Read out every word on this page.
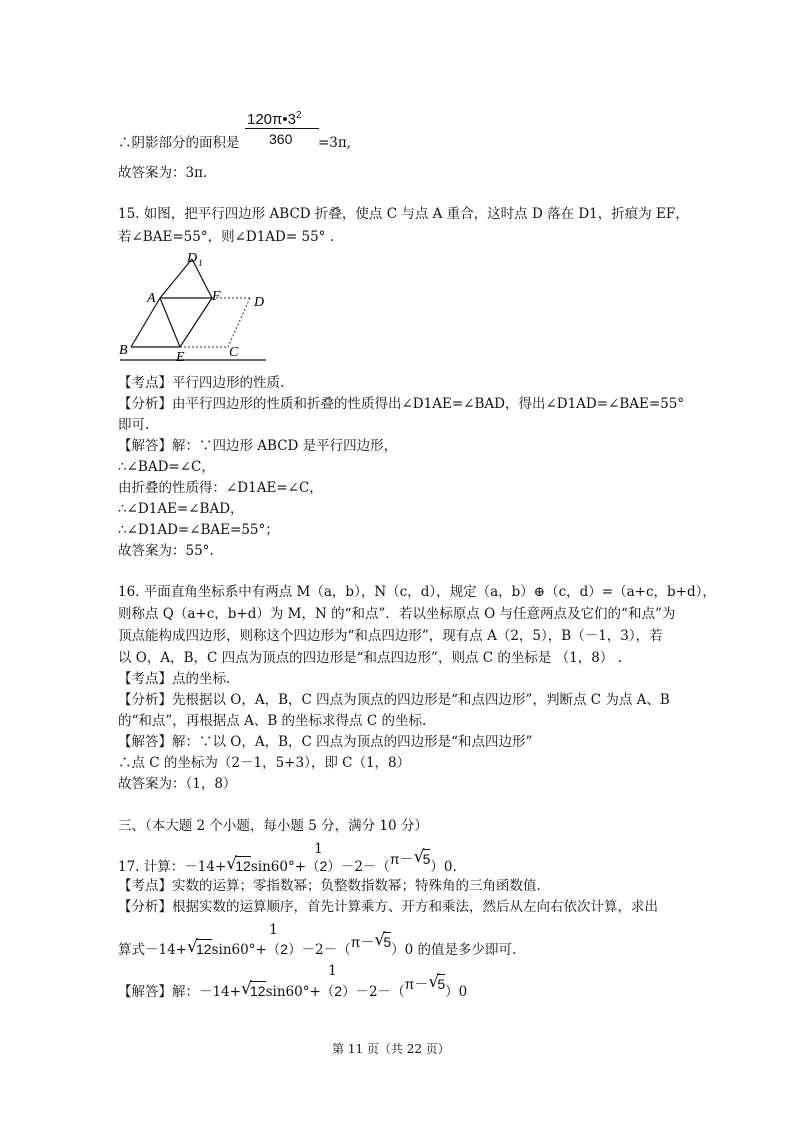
$120\pi•3^2$
∴阴影部分的面积是 360 =3π,
故答案为：3π.
15. 如图，把平行四边形 ABCD 折叠，使点 C 与点 A 重合，这时点 D 落在 D1，折痕为 EF，
若∠BAE=55°，则∠D1AD= 55° .
$D_1$
A	F D
B	E	C
【考点】平行四边形的性质.
【分析】由平行四边形的性质和折叠的性质得出∠D1AE=∠BAD，得出∠D1AD=∠BAE=55°
即可.
【解答】解：∵四边形 ABCD 是平行四边形，
∴∠BAD=∠C，
由折叠的性质得：∠D1AE=∠C，
∴∠D1AE=∠BAD，
∴∠D1AD=∠BAE=55°；
故答案为：55°.
16. 平面直角坐标系中有两点 M（a，b），N（c，d），规定（a，b）⊕（c，d）=（a+c，b+d），
则称点 Q（a+c，b+d）为 M，N 的“和点”．若以坐标原点 O 与任意两点及它们的“和点”为
顶点能构成四边形，则称这个四边形为“和点四边形”，现有点 A（2，5），B（－1，3），若
以 O，A，B，C 四点为顶点的四边形是“和点四边形”，则点 C 的坐标是 （1，8） .
【考点】点的坐标.
【分析】先根据以 O，A，B，C 四点为顶点的四边形是“和点四边形”，判断点 C 为点 A、B
的“和点”，再根据点 A、B 的坐标求得点 C 的坐标.
【解答】解：∵以 O，A，B，C 四点为顶点的四边形是“和点四边形”
∴点 C 的坐标为（2－1，5+3），即 C（1，8）
故答案为：（1，8）
三、（本大题 2 个小题，每小题 5 分，满分 10 分）
1
17. 计算：－14+ √
12 sin60°+（ 2 ）－2－（ π－ √
5 ）0.
【考点】实数的运算；零指数幂；负整数指数幂；特殊角的三角函数值.
【分析】根据实数的运算顺序，首先计算乘方、开方和乘法，然后从左向右依次计算，求出
1
算式－14+ √
12 sin60°+（ 2 ）－2－（ π－ √
5 ）0 的值是多少即可.
1
【解答】解：－14+ √
12 sin60°+（ 2 ）－2－（ π－ √
5 ）0
第 11 页（共 22 页）
